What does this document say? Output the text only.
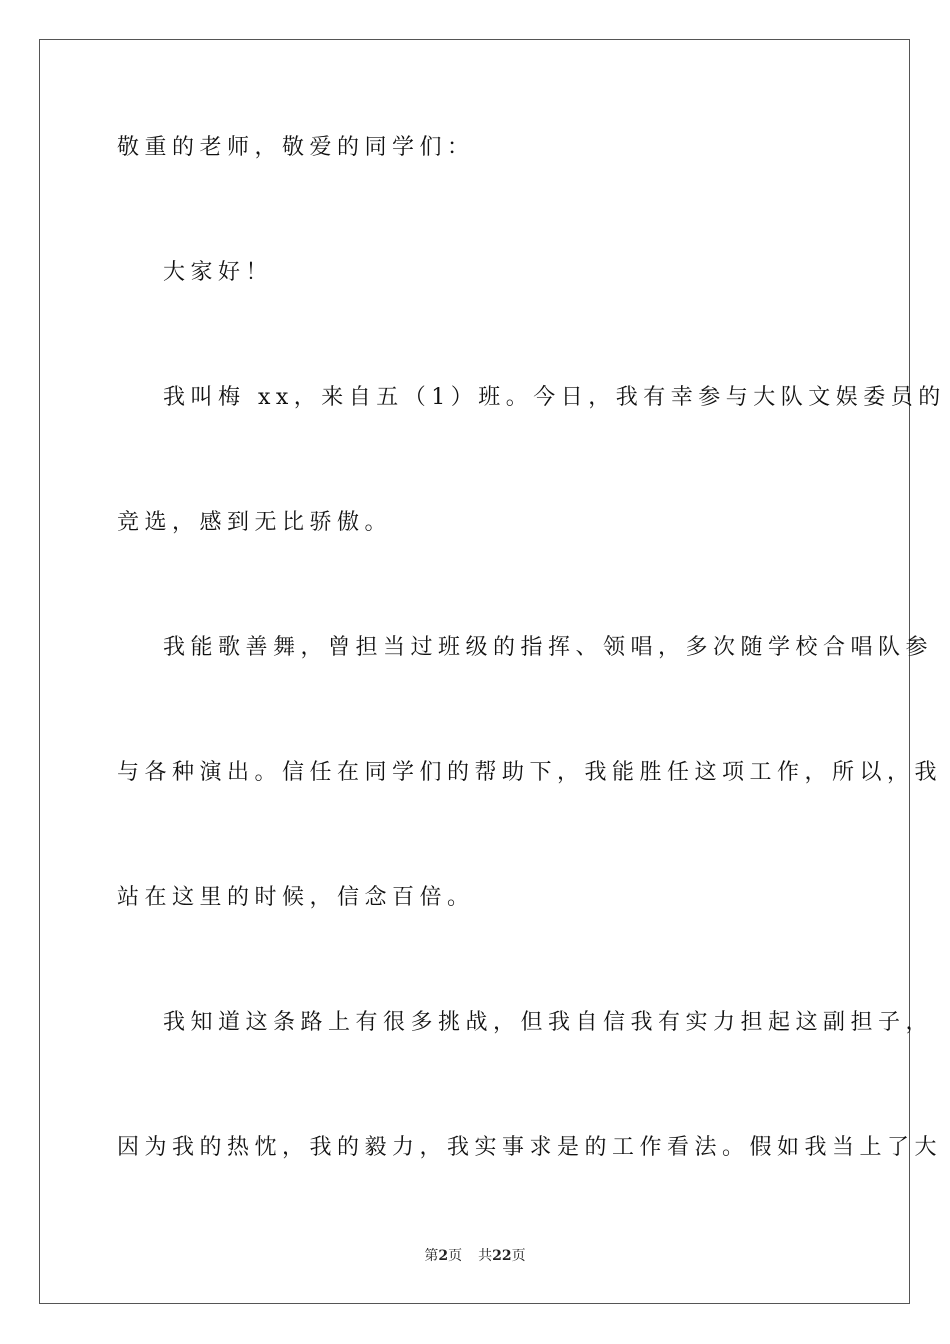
敬重的老师，敬爱的同学们：
大家好！
我叫梅 xx，来自五（1）班。今日，我有幸参与大队文娱委员的
竞选，感到无比骄傲。
我能歌善舞，曾担当过班级的指挥、领唱，多次随学校合唱队参
与各种演出。信任在同学们的帮助下，我能胜任这项工作，所以，我
站在这里的时候，信念百倍。
我知道这条路上有很多挑战，但我自信我有实力担起这副担子，
因为我的热忱，我的毅力，我实事求是的工作看法。假如我当上了大
第2页 共22页
